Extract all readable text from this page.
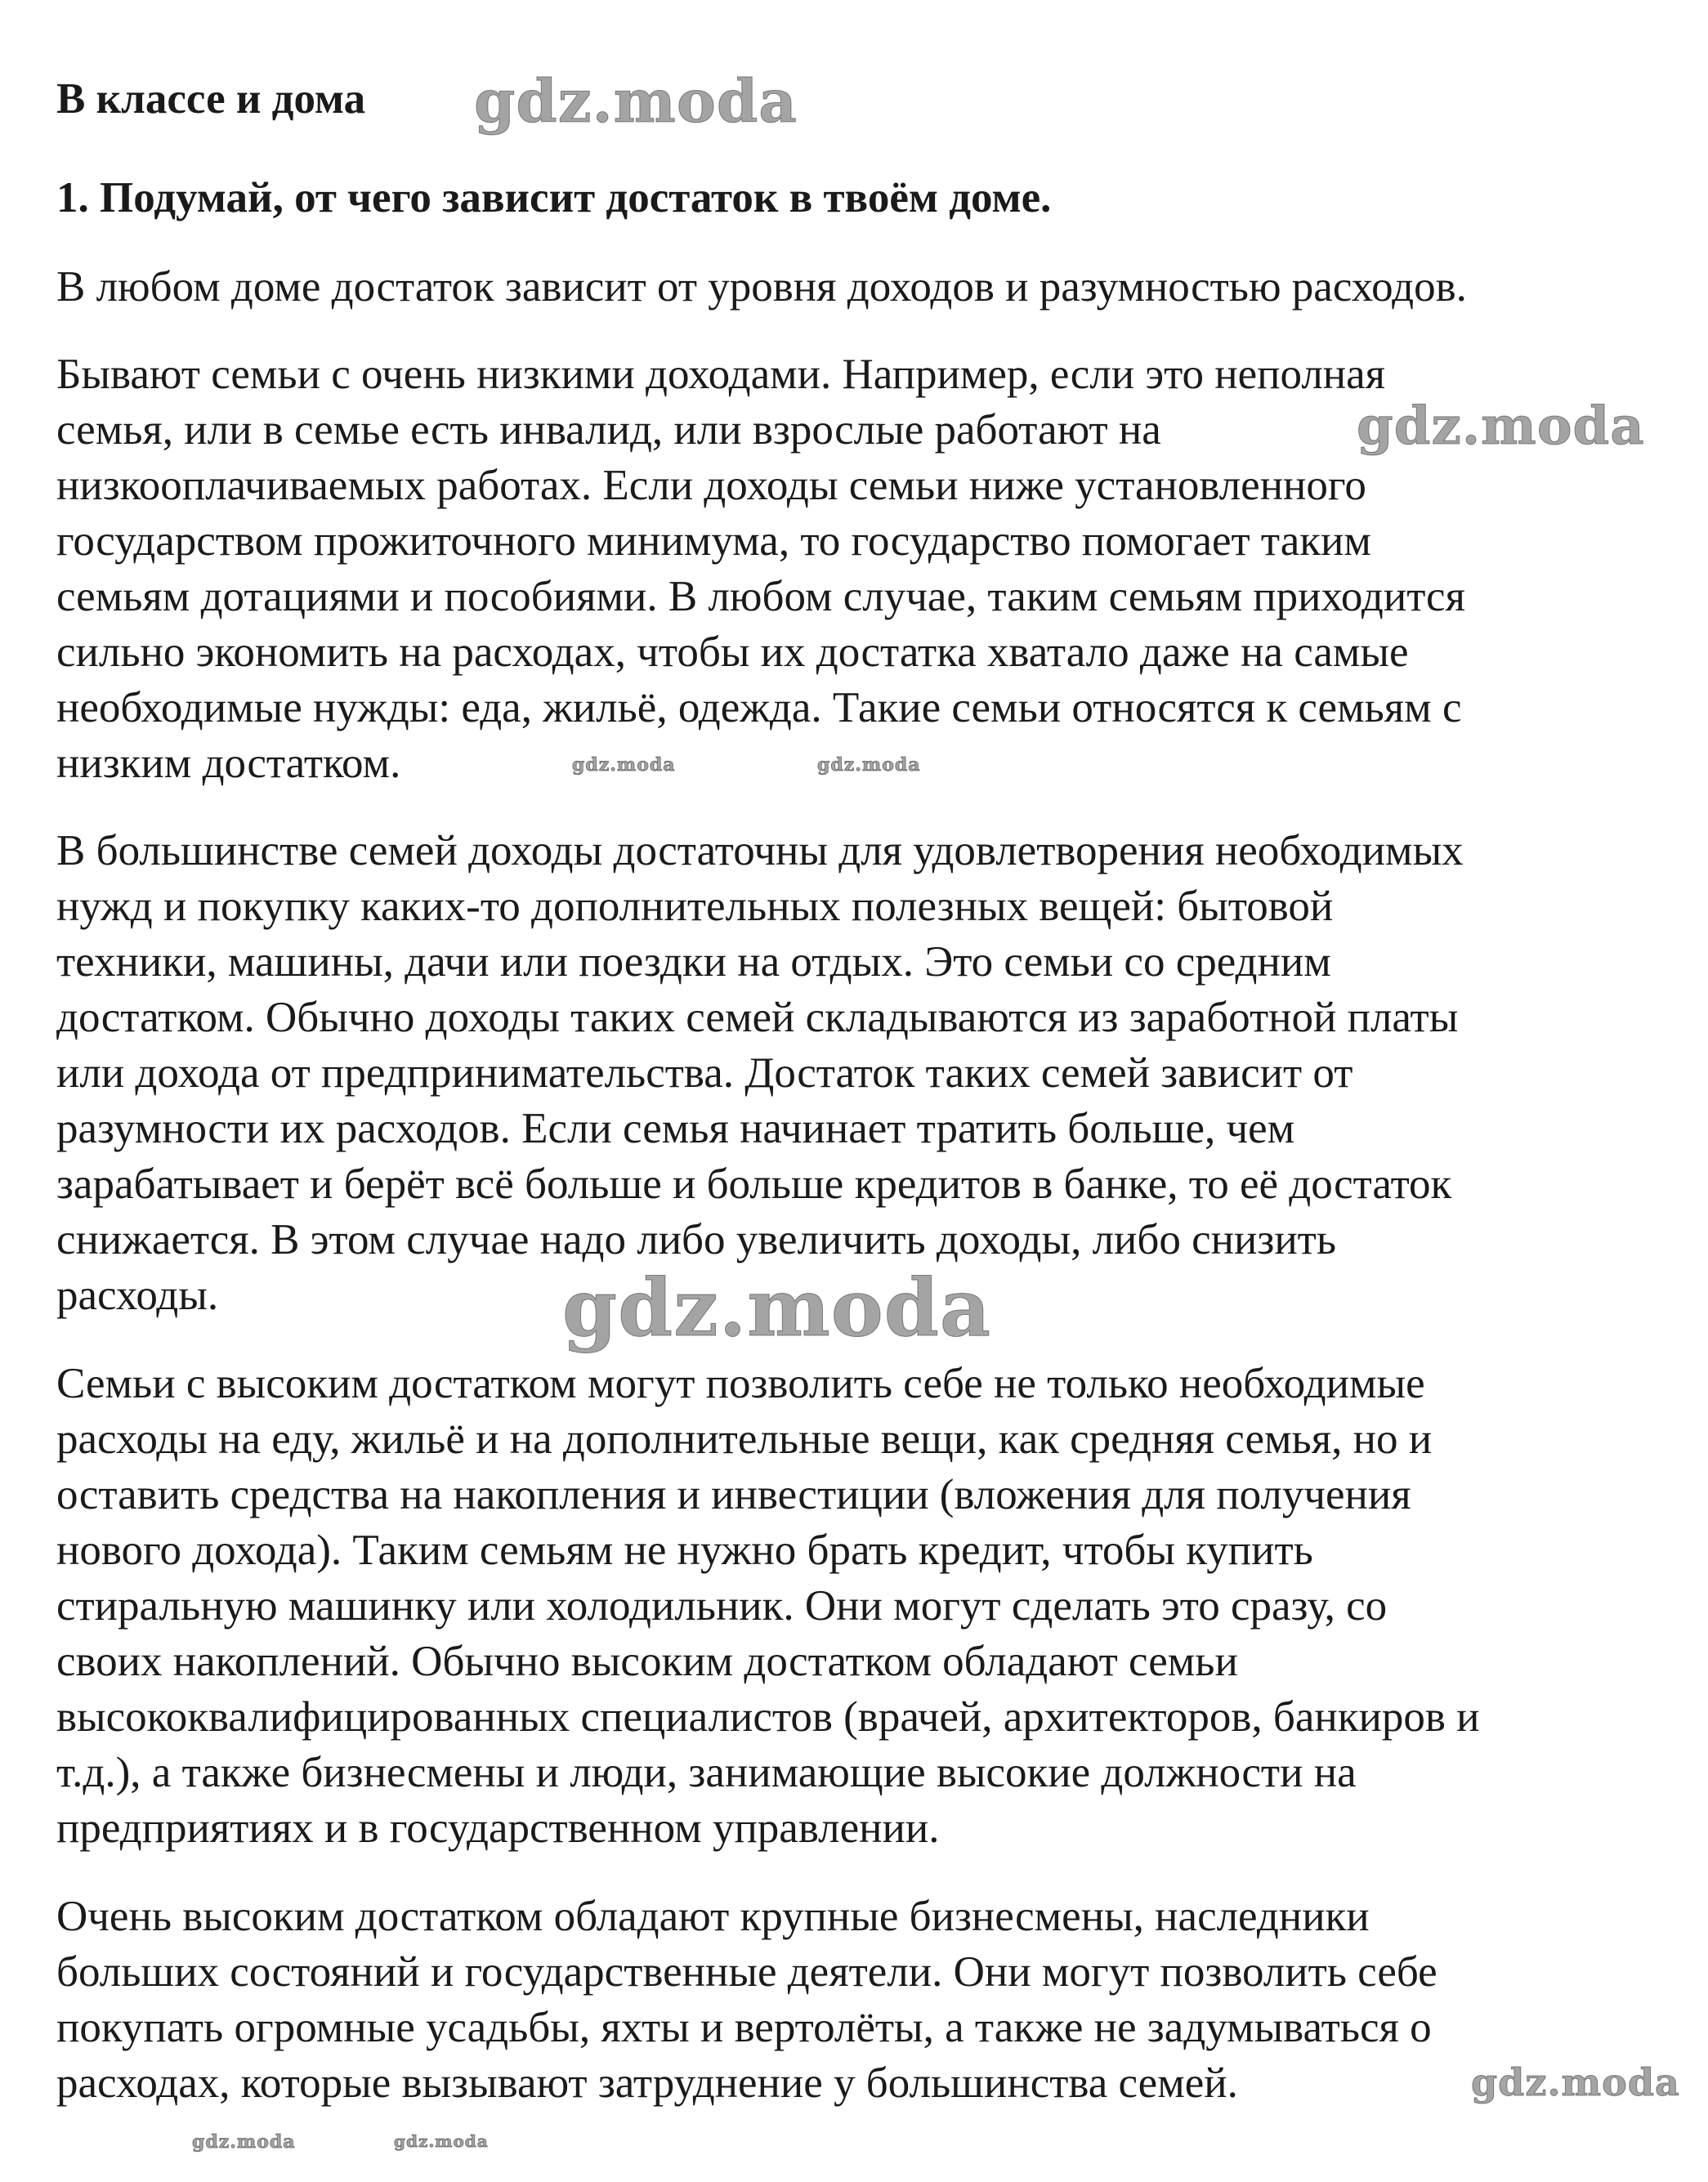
В классе и дома
1. Подумай, от чего зависит достаток в твоём доме.
В любом доме достаток зависит от уровня доходов и разумностью расходов.
Бывают семьи с очень низкими доходами. Например, если это неполная
семья, или в семье есть инвалид, или взрослые работают на
низкооплачиваемых работах. Если доходы семьи ниже установленного
государством прожиточного минимума, то государство помогает таким
семьям дотациями и пособиями. В любом случае, таким семьям приходится
сильно экономить на расходах, чтобы их достатка хватало даже на самые
необходимые нужды: еда, жильё, одежда. Такие семьи относятся к семьям с
низким достатком.
В большинстве семей доходы достаточны для удовлетворения необходимых
нужд и покупку каких-то дополнительных полезных вещей: бытовой
техники, машины, дачи или поездки на отдых. Это семьи со средним
достатком. Обычно доходы таких семей складываются из заработной платы
или дохода от предпринимательства. Достаток таких семей зависит от
разумности их расходов. Если семья начинает тратить больше, чем
зарабатывает и берёт всё больше и больше кредитов в банке, то её достаток
снижается. В этом случае надо либо увеличить доходы, либо снизить
расходы.
Семьи с высоким достатком могут позволить себе не только необходимые
расходы на еду, жильё и на дополнительные вещи, как средняя семья, но и
оставить средства на накопления и инвестиции (вложения для получения
нового дохода). Таким семьям не нужно брать кредит, чтобы купить
стиральную машинку или холодильник. Они могут сделать это сразу, со
своих накоплений. Обычно высоким достатком обладают семьи
высококвалифицированных специалистов (врачей, архитекторов, банкиров и
т.д.), а также бизнесмены и люди, занимающие высокие должности на
предприятиях и в государственном управлении.
Очень высоким достатком обладают крупные бизнесмены, наследники
больших состояний и государственные деятели. Они могут позволить себе
покупать огромные усадьбы, яхты и вертолёты, а также не задумываться о
расходах, которые вызывают затруднение у большинства семей.
gdz.moda
gdz.moda
gdz.moda
gdz.moda	gdz.moda
gdz.moda	gdz.moda
gdz.moda
